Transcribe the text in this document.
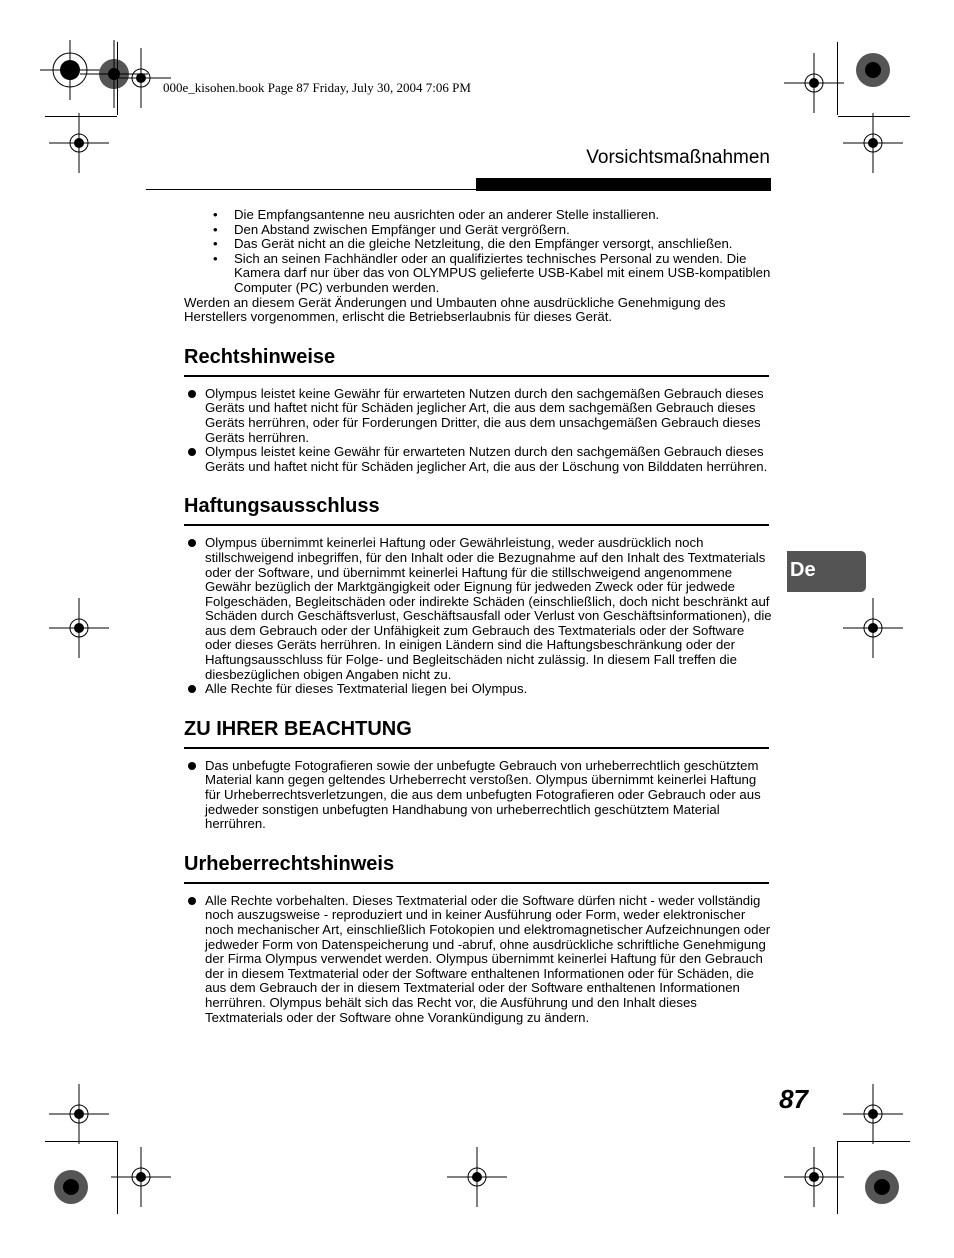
000e_kisohen.book Page 87 Friday, July 30, 2004 7:06 PM
Vorsichtsmaßnahmen
• Die Empfangsantenne neu ausrichten oder an anderer Stelle installieren.
• Den Abstand zwischen Empfänger und Gerät vergrößern.
• Das Gerät nicht an die gleiche Netzleitung, die den Empfänger versorgt, anschließen.
• Sich an seinen Fachhändler oder an qualifiziertes technisches Personal zu wenden. Die Kamera darf nur über das von OLYMPUS gelieferte USB-Kabel mit einem USB-kompatiblen Computer (PC) verbunden werden.

Werden an diesem Gerät Änderungen und Umbauten ohne ausdrückliche Genehmigung des Herstellers vorgenommen, erlischt die Betriebserlaubnis für dieses Gerät.

Rechtshinweise
Olympus leistet keine Gewähr für erwarteten Nutzen durch den sachgemäßen Gebrauch dieses Geräts und haftet nicht für Schäden jeglicher Art, die aus dem sachgemäßen Gebrauch dieses Geräts herrühren, oder für Forderungen Dritter, die aus dem unsachgemäßen Gebrauch dieses Geräts herrühren.
Olympus leistet keine Gewähr für erwarteten Nutzen durch den sachgemäßen Gebrauch dieses Geräts und haftet nicht für Schäden jeglicher Art, die aus der Löschung von Bilddaten herrühren.
Haftungsausschluss
Olympus übernimmt keinerlei Haftung oder Gewährleistung, weder ausdrücklich noch stillschweigend inbegriffen, für den Inhalt oder die Bezugnahme auf den Inhalt des Textmaterials oder der Software, und übernimmt keinerlei Haftung für die stillschweigend angenommene Gewähr bezüglich der Marktgängigkeit oder Eignung für jedweden Zweck oder für jedwede Folgeschäden, Begleitschäden oder indirekte Schäden (einschließlich, doch nicht beschränkt auf Schäden durch Geschäftsverlust, Geschäftsausfall oder Verlust von Geschäftsinformationen), die aus dem Gebrauch oder der Unfähigkeit zum Gebrauch des Textmaterials oder der Software oder dieses Geräts herrühren. In einigen Ländern sind die Haftungsbeschränkung oder der Haftungsausschluss für Folge- und Begleitschäden nicht zulässig. In diesem Fall treffen die diesbezüglichen obigen Angaben nicht zu.
Alle Rechte für dieses Textmaterial liegen bei Olympus.
ZU IHRER BEACHTUNG
Das unbefugte Fotografieren sowie der unbefugte Gebrauch von urheberrechtlich geschütztem Material kann gegen geltendes Urheberrecht verstoßen. Olympus übernimmt keinerlei Haftung für Urheberrechtsverletzungen, die aus dem unbefugten Fotografieren oder Gebrauch oder aus jedweder sonstigen unbefugten Handhabung von urheberrechtlich geschütztem Material herrühren.
Urheberrechtshinweis
Alle Rechte vorbehalten. Dieses Textmaterial oder die Software dürfen nicht - weder vollständig noch auszugsweise - reproduziert und in keiner Ausführung oder Form, weder elektronischer noch mechanischer Art, einschließlich Fotokopien und elektromagnetischer Aufzeichnungen oder jedweder Form von Datenspeicherung und -abruf, ohne ausdrückliche schriftliche Genehmigung der Firma Olympus verwendet werden. Olympus übernimmt keinerlei Haftung für den Gebrauch der in diesem Textmaterial oder der Software enthaltenen Informationen oder für Schäden, die aus dem Gebrauch der in diesem Textmaterial oder der Software enthaltenen Informationen herrühren. Olympus behält sich das Recht vor, die Ausführung und den Inhalt dieses Textmaterials oder der Software ohne Vorankündigung zu ändern.
De
87
